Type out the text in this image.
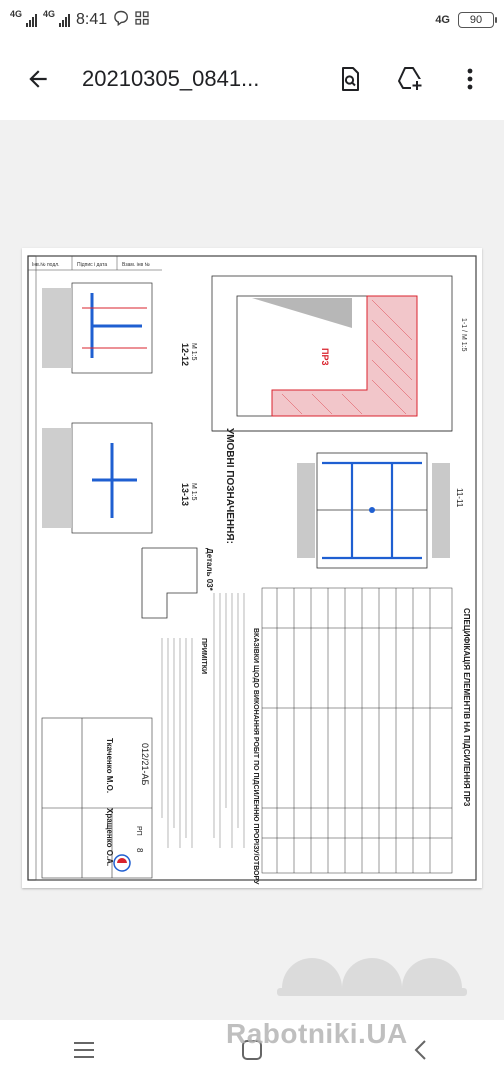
4G 4G 8:41	4G 90
20210305_0841...
Інв.№ подл.	Підпис і дата	Взам. інв №
ПР3
1-1 / М 1:5
11-11
12-12
13-13
М 1:5
М 1:5	УМОВНІ ПОЗНАЧЕННЯ:
Деталь 03*
СПЕЦИФІКАЦІЯ ЕЛЕМЕНТІВ НА ПІДСИЛЕННЯ ПР3
ВКАЗІВКИ ЩОДО ВИКОНАННЯ РОБІТ ПО ПІДСИЛЕННЮ ПРОРІЗУ/ОТВОРУ
ПРИМІТКИ
012/21-АБ
Ткаченко М.О.
Хращенко О.А.	РП
8
Rabotniki.UA
